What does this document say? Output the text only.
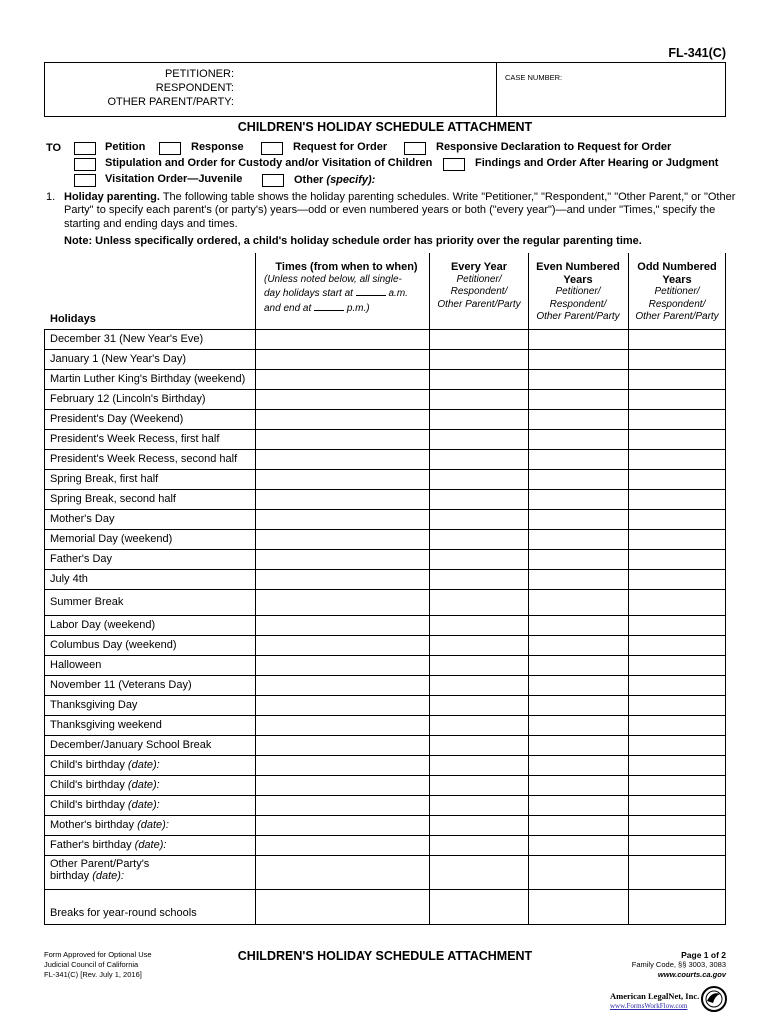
FL-341(C)
PETITIONER:
RESPONDENT:
OTHER PARENT/PARTY:
CASE NUMBER:
CHILDREN'S HOLIDAY SCHEDULE ATTACHMENT
TO	Petition	Response	Request for Order	Responsive Declaration to Request for Order
Stipulation and Order for Custody and/or Visitation of Children	Findings and Order After Hearing or Judgment
Visitation Order—Juvenile	Other (specify):
1. Holiday parenting. The following table shows the holiday parenting schedules. Write "Petitioner," "Respondent," "Other Parent," or "Other Party" to specify each parent's (or party's) years—odd or even numbered years or both ("every year")—and under "Times," specify the starting and ending days and times.
Note: Unless specifically ordered, a child's holiday schedule order has priority over the regular parenting time.
Times (from when to when)
(Unless noted below, all single-
day holidays start at	a.m.
and end at	p.m.)
Every Year
Petitioner/
Respondent/
Other Parent/Party
Even Numbered
Years
Petitioner/
Respondent/
Other Parent/Party
Odd Numbered
Years
Petitioner/
Respondent/
Other Parent/Party
Holidays
December 31 (New Year's Eve)
January 1 (New Year's Day)
Martin Luther King's Birthday (weekend)
February 12 (Lincoln's Birthday)
President's Day (Weekend)
President's Week Recess, first half
President's Week Recess, second half
Spring Break, first half
Spring Break, second half
Mother's Day
Memorial Day (weekend)
Father's Day
July 4th
Summer Break
Labor Day (weekend)
Columbus Day (weekend)
Halloween
November 11 (Veterans Day)
Thanksgiving Day
Thanksgiving weekend
December/January School Break
Child's birthday (date):
Child's birthday (date):
Child's birthday (date):
Mother's birthday (date):
Father's birthday (date):
Other Parent/Party's
birthday (date):
Breaks for year-round schools
Form Approved for Optional Use
Judicial Council of California
FL-341(C) [Rev. July 1, 2016]
CHILDREN'S HOLIDAY SCHEDULE ATTACHMENT	Page 1 of 2
Family Code, §§ 3003, 3083
www.courts.ca.gov
American LegalNet, Inc.
www.FormsWorkFlow.com
